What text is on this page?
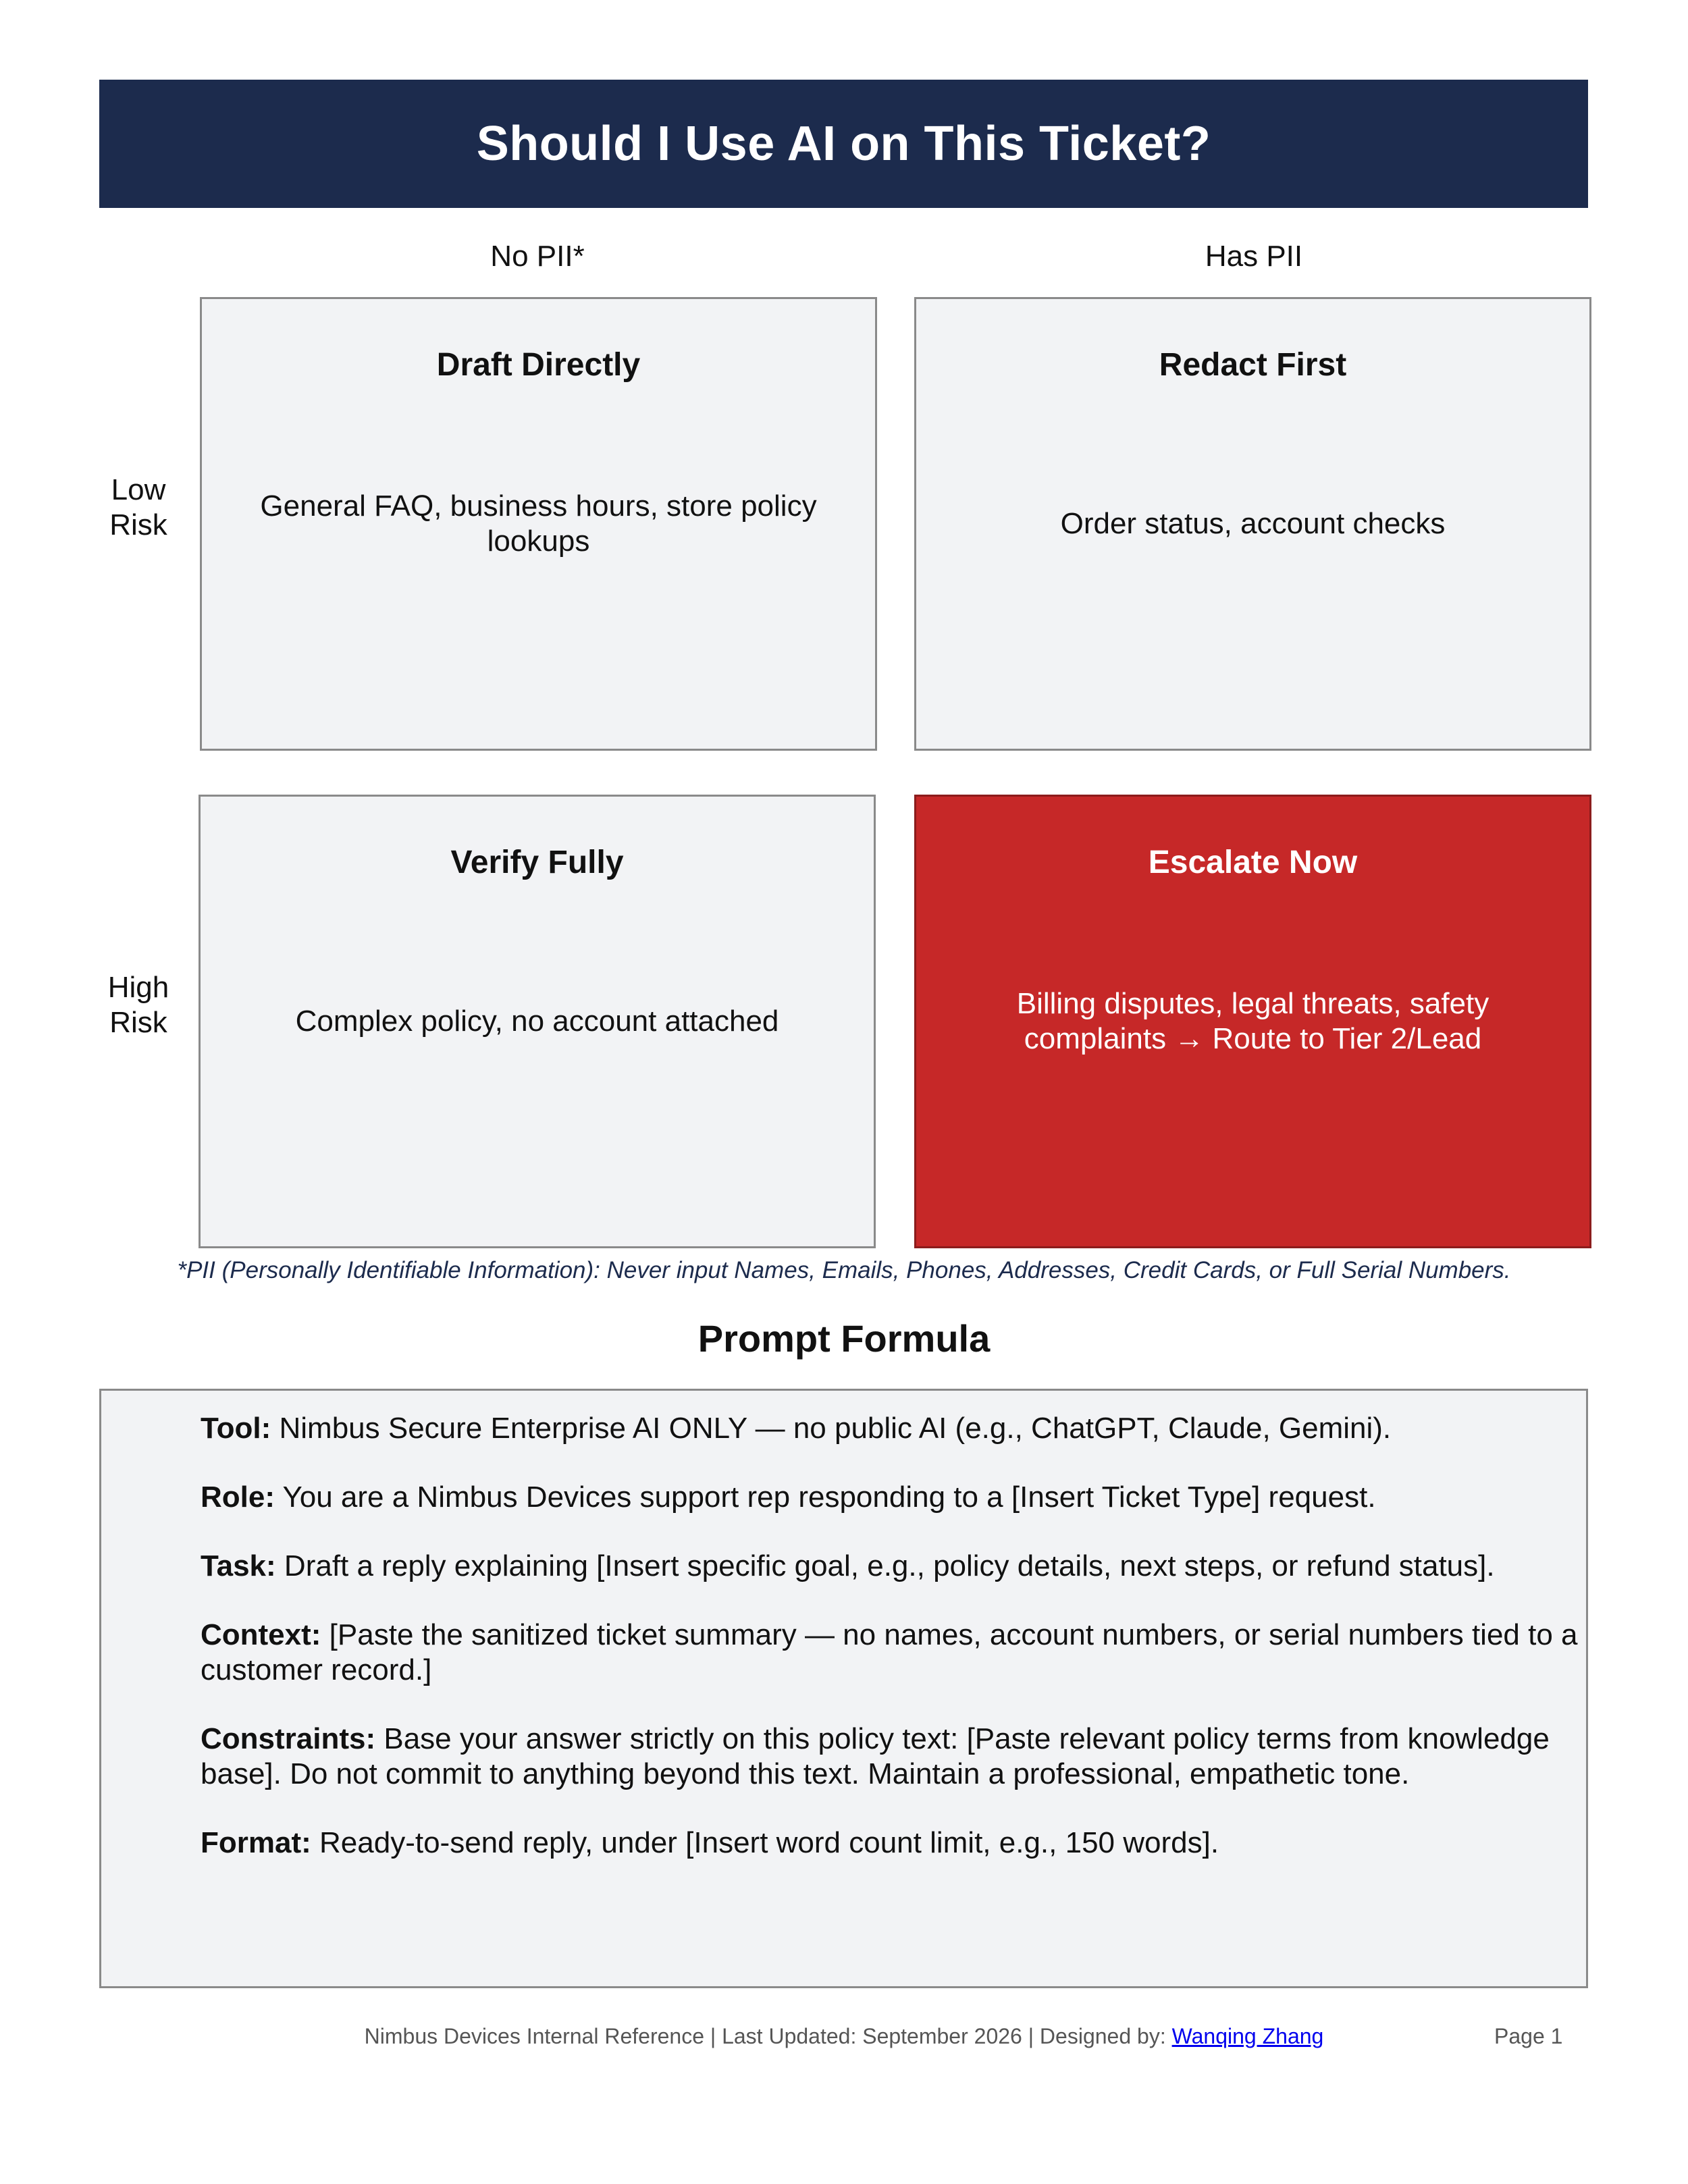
Should I Use AI on This Ticket?
No PII*	Has PII
Low
Risk
High
Risk
Draft Directly
General FAQ, business hours, store policy lookups
Redact First
Order status, account checks
Verify Fully
Complex policy, no account attached
Escalate Now
Billing disputes, legal threats, safety complaints → Route to Tier 2/Lead
*PII (Personally Identifiable Information): Never input Names, Emails, Phones, Addresses, Credit Cards, or Full Serial Numbers.
Prompt Formula
Tool: Nimbus Secure Enterprise AI ONLY — no public AI (e.g., ChatGPT, Claude, Gemini).
Role: You are a Nimbus Devices support rep responding to a [Insert Ticket Type] request.
Task: Draft a reply explaining [Insert specific goal, e.g., policy details, next steps, or refund status].
Context: [Paste the sanitized ticket summary — no names, account numbers, or serial numbers tied to a customer record.]
Constraints: Base your answer strictly on this policy text: [Paste relevant policy terms from knowledge base]. Do not commit to anything beyond this text. Maintain a professional, empathetic tone.
Format: Ready-to-send reply, under [Insert word count limit, e.g., 150 words].
Nimbus Devices Internal Reference | Last Updated: September 2026 | Designed by: Wanqing Zhang	Page 1
